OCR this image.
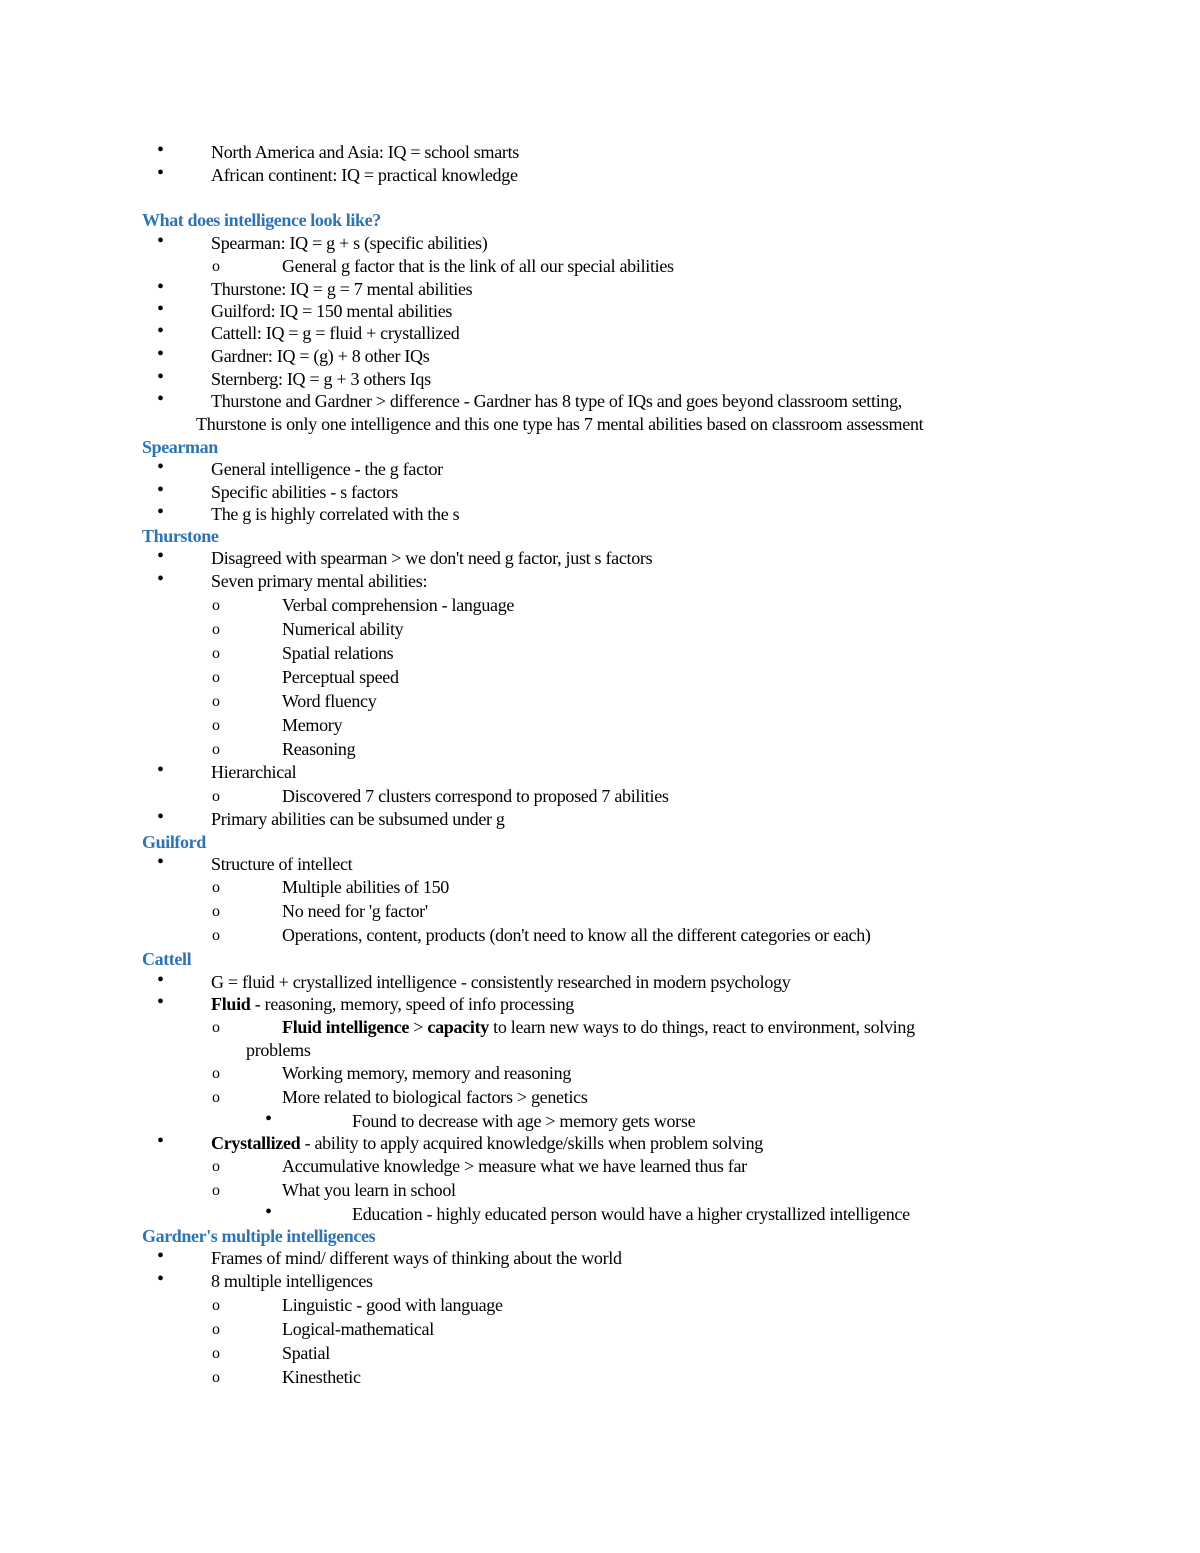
•	North America and Asia: IQ = school smarts
•	African continent: IQ = practical knowledge
What does intelligence look like?
•	Spearman: IQ = g + s (specific abilities)
o	General g factor that is the link of all our special abilities
•	Thurstone: IQ = g = 7 mental abilities
•	Guilford: IQ = 150 mental abilities
•	Cattell: IQ = g = fluid + crystallized
•	Gardner: IQ = (g) + 8 other IQs
•	Sternberg: IQ = g + 3 others Iqs
•	Thurstone and Gardner > difference - Gardner has 8 type of IQs and goes beyond classroom setting,
Thurstone is only one intelligence and this one type has 7 mental abilities based on classroom assessment
Spearman
•	General intelligence - the g factor
•	Specific abilities - s factors
•	The g is highly correlated with the s
Thurstone
•	Disagreed with spearman > we don't need g factor, just s factors
•	Seven primary mental abilities:
o	Verbal comprehension - language
o	Numerical ability
o	Spatial relations
o	Perceptual speed
o	Word fluency
o	Memory
o	Reasoning
•	Hierarchical
o	Discovered 7 clusters correspond to proposed 7 abilities
•	Primary abilities can be subsumed under g
Guilford
•	Structure of intellect
o	Multiple abilities of 150
o	No need for 'g factor'
o	Operations, content, products (don't need to know all the different categories or each)
Cattell
•	G = fluid + crystallized intelligence - consistently researched in modern psychology
•	Fluid - reasoning, memory, speed of info processing
o	Fluid intelligence > capacity to learn new ways to do things, react to environment, solving
problems
o	Working memory, memory and reasoning
o	More related to biological factors > genetics
•	Found to decrease with age > memory gets worse
•	Crystallized - ability to apply acquired knowledge/skills when problem solving
o	Accumulative knowledge > measure what we have learned thus far
o	What you learn in school
•	Education - highly educated person would have a higher crystallized intelligence
Gardner's multiple intelligences
•	Frames of mind/ different ways of thinking about the world
•	8 multiple intelligences
o	Linguistic - good with language
o	Logical-mathematical
o	Spatial
o	Kinesthetic
